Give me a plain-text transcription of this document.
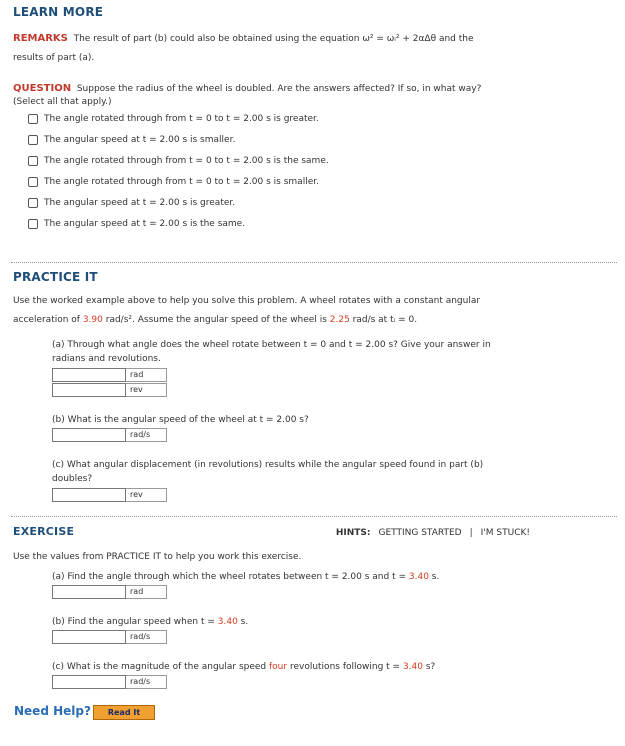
LEARN MORE
REMARKS The result of part (b) could also be obtained using the equation ω² = ωᵢ² + 2αΔθ and the
results of part (a).
QUESTION Suppose the radius of the wheel is doubled. Are the answers affected? If so, in what way?
(Select all that apply.)
The angle rotated through from t = 0 to t = 2.00 s is greater.
The angular speed at t = 2.00 s is smaller.
The angle rotated through from t = 0 to t = 2.00 s is the same.
The angle rotated through from t = 0 to t = 2.00 s is smaller.
The angular speed at t = 2.00 s is greater.
The angular speed at t = 2.00 s is the same.
PRACTICE IT
Use the worked example above to help you solve this problem. A wheel rotates with a constant angular
acceleration of 3.90 rad/s². Assume the angular speed of the wheel is 2.25 rad/s at tᵢ = 0.
(a) Through what angle does the wheel rotate between t = 0 and t = 2.00 s? Give your answer in
radians and revolutions.
rad
rev
(b) What is the angular speed of the wheel at t = 2.00 s?
rad/s
(c) What angular displacement (in revolutions) results while the angular speed found in part (b)
doubles?
rev
EXERCISE	HINTS: GETTING STARTED | I'M STUCK!
Use the values from PRACTICE IT to help you work this exercise.
(a) Find the angle through which the wheel rotates between t = 2.00 s and t = 3.40 s.
rad
(b) Find the angular speed when t = 3.40 s.
rad/s
(c) What is the magnitude of the angular speed four revolutions following t = 3.40 s?
rad/s
Need Help?	Read It
